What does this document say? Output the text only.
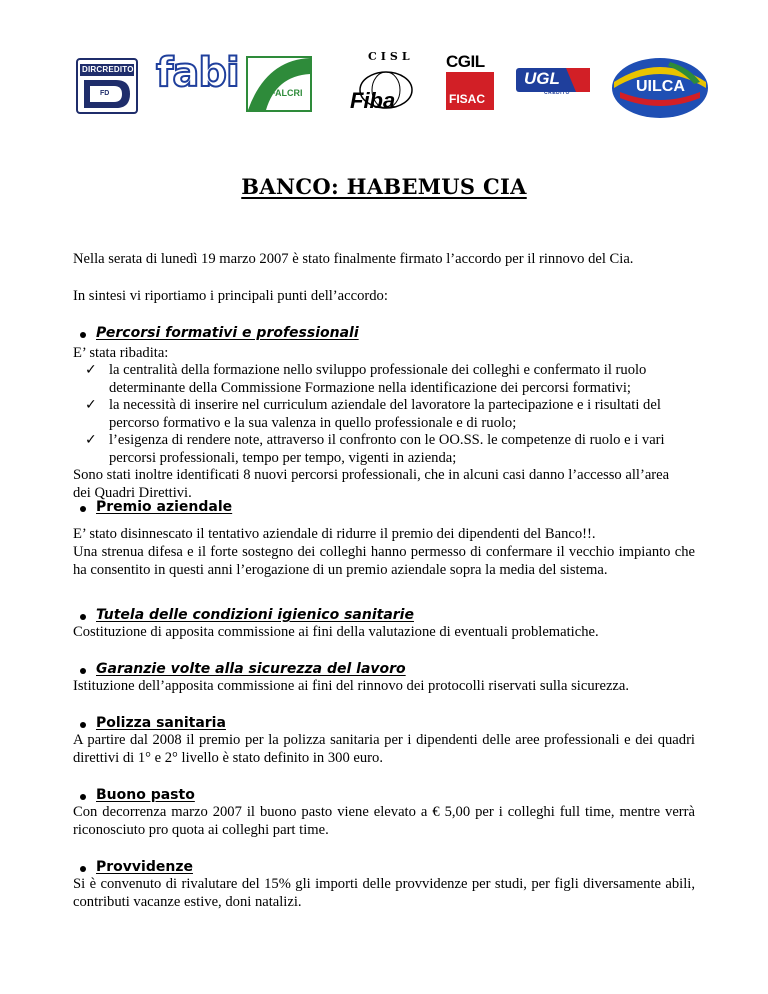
DIRCREDITO
FD fabi	FALCRI
CISL
Fiba
CGIL
FISAC
UGL
CREDITO	UILCA
BANCO: HABEMUS CIA
Nella serata di lunedì 19 marzo 2007 è stato finalmente firmato l’accordo per il rinnovo del Cia.
In sintesi vi riportiamo i principali punti dell’accordo:
Percorsi formativi e professionali
E’ stata ribadita:
✓ la centralità della formazione nello sviluppo professionale dei colleghi e confermato il ruolo determinante della Commissione Formazione nella identificazione dei percorsi formativi;
✓ la necessità di inserire nel curriculum aziendale del lavoratore la partecipazione e i risultati del percorso formativo e la sua valenza in quello professionale e di ruolo;
✓ l’esigenza di rendere note, attraverso il confronto con le OO.SS. le competenze di ruolo e i vari percorsi professionali, tempo per tempo, vigenti in azienda;
Sono stati inoltre identificati 8 nuovi percorsi professionali, che in alcuni casi danno l’accesso all’area dei Quadri Direttivi.
Premio aziendale
E’ stato disinnescato il tentativo aziendale di ridurre il premio dei dipendenti del Banco!!.
Una strenua difesa e il forte sostegno dei colleghi hanno permesso di confermare il vecchio impianto che ha consentito in questi anni l’erogazione di un premio aziendale sopra la media del sistema.
Tutela delle condizioni igienico sanitarie
Costituzione di apposita commissione ai fini della valutazione di eventuali problematiche.
Garanzie volte alla sicurezza del lavoro
Istituzione dell’apposita commissione ai fini del rinnovo dei protocolli riservati sulla sicurezza.
Polizza sanitaria
A partire dal 2008 il premio per la polizza sanitaria per i dipendenti delle aree professionali e dei quadri direttivi di 1° e 2° livello è stato definito in 300 euro.
Buono pasto
Con decorrenza marzo 2007 il buono pasto viene elevato a € 5,00 per i colleghi full time, mentre verrà riconosciuto pro quota ai colleghi part time.
Provvidenze
Si è convenuto di rivalutare del 15% gli importi delle provvidenze per studi, per figli diversamente abili, contributi vacanze estive, doni natalizi.
